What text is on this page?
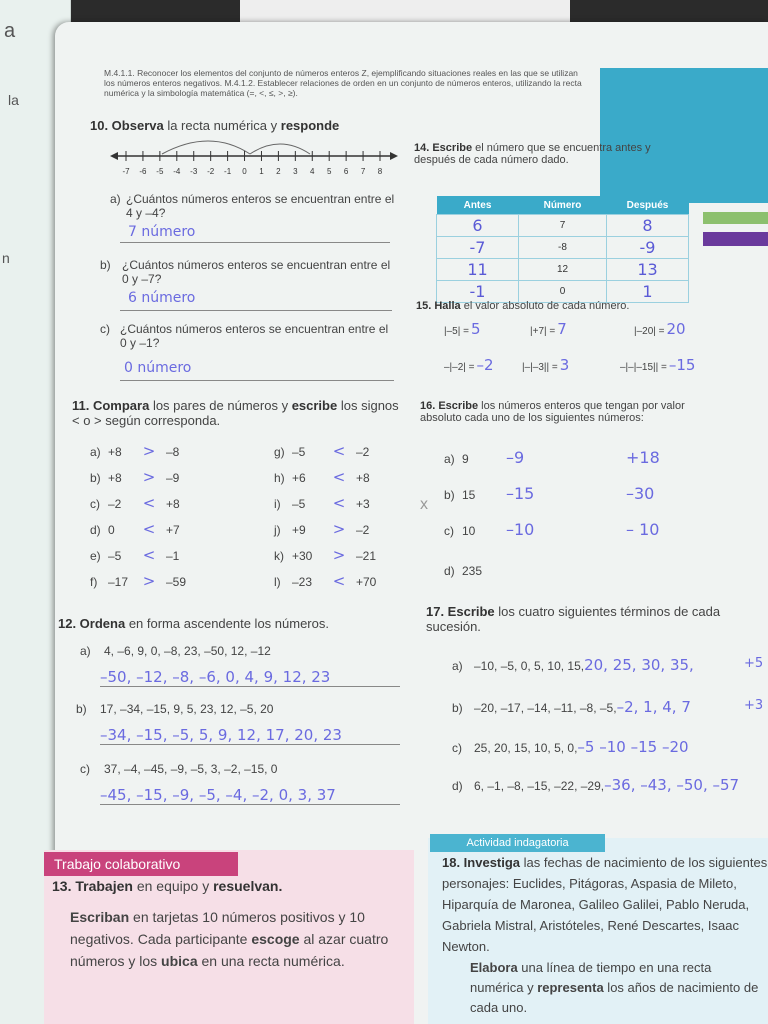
a
la
n
M.4.1.1. Reconocer los elementos del conjunto de números enteros Z, ejemplificando situaciones reales en las que se utilizan
los números enteros negativos. M.4.1.2. Establecer relaciones de orden en un conjunto de números enteros, utilizando la recta
numérica y la simbología matemática (=, <, ≤, >, ≥).
10. Observa la recta numérica y responde
-7 -6 -5 -4 -3 -2 -1 0 1 2 3 4 5 6 7 8
a) ¿Cuántos números enteros se encuentran entre el 4 y –4?
7 número
b) ¿Cuántos números enteros se encuentran entre el 0 y –7?
6 número
c) ¿Cuántos números enteros se encuentran entre el 0 y –1?
0 número
14. Escribe el número que se encuentra antes y después de cada número dado.
Antes	Número	Después
6	7	8
-7	-8	-9
11	12	13
-1	0	1
15. Halla el valor absoluto de cada número.
|–5| = 5	|+7| = 7	|–20| = 20
–|–2| = –2	|–|–3|| = 3	–|–|–15|| = –15
11. Compara los pares de números y escribe los signos < o > según corresponda.
a) +8 > –8
b) +8 > –9
c) –2 < +8
d) 0 < +7
e) –5 < –1
f) –17 > –59
g) –5 < –2
h) +6 < +8
i) –5 < +3
j) +9 > –2
k) +30 > –21
l) –23 < +70
16. Escribe los números enteros que tengan por valor absoluto cada uno de los siguientes números:
x
a) 9 –9	+18
b) 15 –15	–30
c) 10 –10	– 10
d) 235
12. Ordena en forma ascendente los números.
a) 4, –6, 9, 0, –8, 23, –50, 12, –12
–50, –12, –8, –6, 0, 4, 9, 12, 23
b) 17, –34, –15, 9, 5, 23, 12, –5, 20
–34, –15, –5, 5, 9, 12, 17, 20, 23
c) 37, –4, –45, –9, –5, 3, –2, –15, 0
–45, –15, –9, –5, –4, –2, 0, 3, 37
17. Escribe los cuatro siguientes términos de cada sucesión.
a) –10, –5, 0, 5, 10, 15,20, 25, 30, 35,	+5
b) –20, –17, –14, –11, –8, –5,–2, 1, 4, 7	+3
c) 25, 20, 15, 10, 5, 0,–5 –10 –15 –20
d) 6, –1, –8, –15, –22, –29,–36, –43, –50, –57
Trabajo colaborativo
13. Trabajen en equipo y resuelvan.
Escriban en tarjetas 10 números positivos y 10 negativos. Cada participante escoge al azar cuatro números y los ubica en una recta numérica.
Actividad indagatoria
18. Investiga las fechas de nacimiento de los siguientes personajes: Euclides, Pitágoras, Aspasia de Mileto, Hiparquía de Maronea, Galileo Galilei, Pablo Neruda, Gabriela Mistral, Aristóteles, René Descartes, Isaac Newton.
Elabora una línea de tiempo en una recta numérica y representa los años de nacimiento de cada uno.
